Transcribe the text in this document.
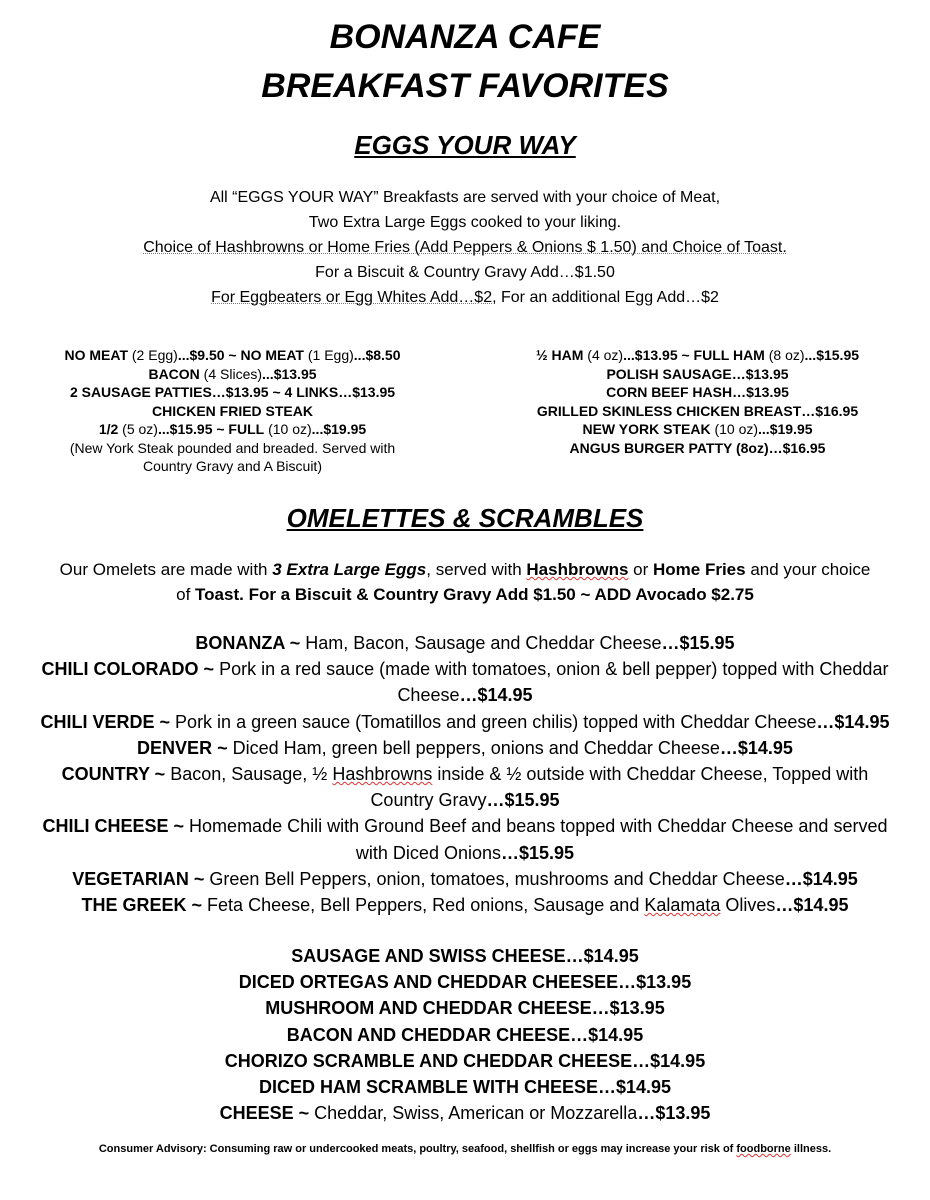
BONANZA CAFE
BREAKFAST FAVORITES
EGGS YOUR WAY
All “EGGS YOUR WAY” Breakfasts are served with your choice of Meat,
Two Extra Large Eggs cooked to your liking.
Choice of Hashbrowns or Home Fries (Add Peppers & Onions $ 1.50) and Choice of Toast.
For a Biscuit & Country Gravy Add…$1.50
For Eggbeaters or Egg Whites Add…$2, For an additional Egg Add…$2
NO MEAT (2 Egg)...$9.50 ~ NO MEAT (1 Egg)...$8.50
BACON (4 Slices)...$13.95
2 SAUSAGE PATTIES…$13.95 ~ 4 LINKS…$13.95
CHICKEN FRIED STEAK
1/2 (5 oz)...$15.95 ~ FULL (10 oz)...$19.95
(New York Steak pounded and breaded. Served with
Country Gravy and A Biscuit)
½ HAM (4 oz)...$13.95 ~ FULL HAM (8 oz)...$15.95
POLISH SAUSAGE…$13.95
CORN BEEF HASH…$13.95
GRILLED SKINLESS CHICKEN BREAST…$16.95
NEW YORK STEAK (10 oz)...$19.95
ANGUS BURGER PATTY (8oz)…$16.95
OMELETTES & SCRAMBLES
Our Omelets are made with 3 Extra Large Eggs, served with Hashbrowns or Home Fries and your choice
of Toast. For a Biscuit & Country Gravy Add $1.50 ~ ADD Avocado $2.75
BONANZA ~ Ham, Bacon, Sausage and Cheddar Cheese…$15.95
CHILI COLORADO ~ Pork in a red sauce (made with tomatoes, onion & bell pepper) topped with Cheddar
Cheese…$14.95
CHILI VERDE ~ Pork in a green sauce (Tomatillos and green chilis) topped with Cheddar Cheese…$14.95
DENVER ~ Diced Ham, green bell peppers, onions and Cheddar Cheese…$14.95
COUNTRY ~ Bacon, Sausage, ½ Hashbrowns inside & ½ outside with Cheddar Cheese, Topped with
Country Gravy…$15.95
CHILI CHEESE ~ Homemade Chili with Ground Beef and beans topped with Cheddar Cheese and served
with Diced Onions…$15.95
VEGETARIAN ~ Green Bell Peppers, onion, tomatoes, mushrooms and Cheddar Cheese…$14.95
THE GREEK ~ Feta Cheese, Bell Peppers, Red onions, Sausage and Kalamata Olives…$14.95
SAUSAGE AND SWISS CHEESE…$14.95
DICED ORTEGAS AND CHEDDAR CHEESEE…$13.95
MUSHROOM AND CHEDDAR CHEESE…$13.95
BACON AND CHEDDAR CHEESE…$14.95
CHORIZO SCRAMBLE AND CHEDDAR CHEESE…$14.95
DICED HAM SCRAMBLE WITH CHEESE…$14.95
CHEESE ~ Cheddar, Swiss, American or Mozzarella…$13.95
Consumer Advisory: Consuming raw or undercooked meats, poultry, seafood, shellfish or eggs may increase your risk of foodborne illness.
